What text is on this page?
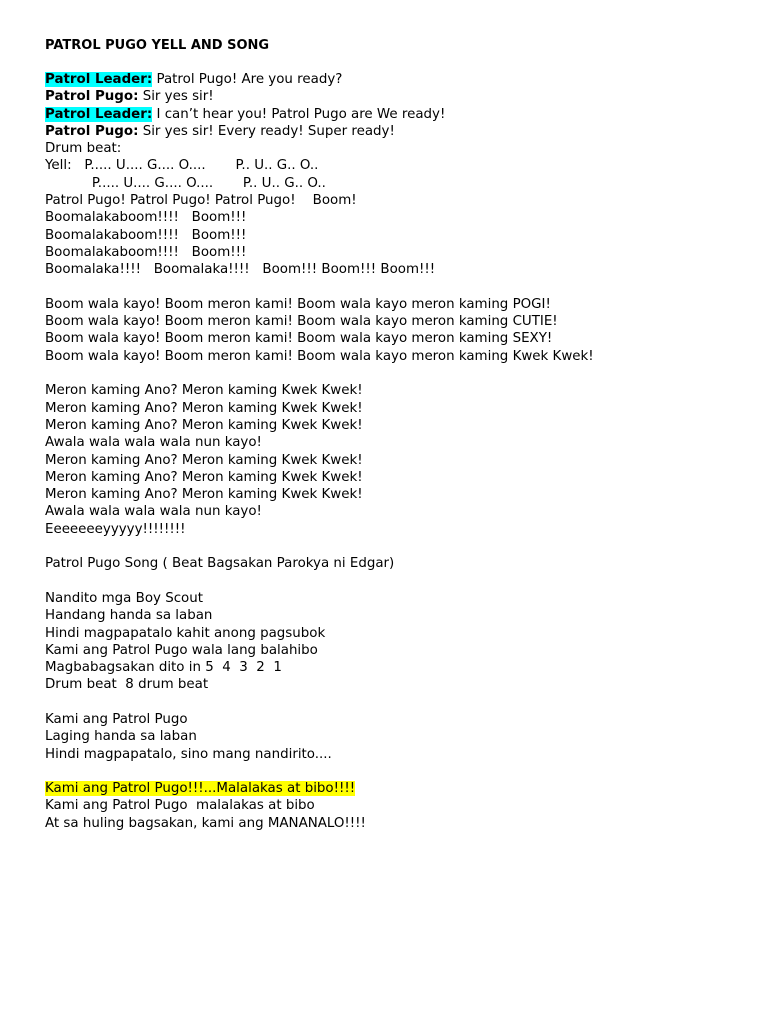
PATROL PUGO YELL AND SONG
Patrol Leader: Patrol Pugo! Are you ready?
Patrol Pugo: Sir yes sir!
Patrol Leader: I can’t hear you! Patrol Pugo are We ready!
Patrol Pugo: Sir yes sir! Every ready! Super ready!
Drum beat:
Yell:   P..... U.... G.... O....       P.. U.. G.. O..
P..... U.... G.... O....       P.. U.. G.. O..
Patrol Pugo! Patrol Pugo! Patrol Pugo!    Boom!
Boomalakaboom!!!!   Boom!!!
Boomalakaboom!!!!   Boom!!!
Boomalakaboom!!!!   Boom!!!
Boomalaka!!!!   Boomalaka!!!!   Boom!!! Boom!!! Boom!!!
Boom wala kayo! Boom meron kami! Boom wala kayo meron kaming POGI!
Boom wala kayo! Boom meron kami! Boom wala kayo meron kaming CUTIE!
Boom wala kayo! Boom meron kami! Boom wala kayo meron kaming SEXY!
Boom wala kayo! Boom meron kami! Boom wala kayo meron kaming Kwek Kwek!
Meron kaming Ano? Meron kaming Kwek Kwek!
Meron kaming Ano? Meron kaming Kwek Kwek!
Meron kaming Ano? Meron kaming Kwek Kwek!
Awala wala wala wala nun kayo!
Meron kaming Ano? Meron kaming Kwek Kwek!
Meron kaming Ano? Meron kaming Kwek Kwek!
Meron kaming Ano? Meron kaming Kwek Kwek!
Awala wala wala wala nun kayo!
Eeeeeeeyyyyy!!!!!!!!
Patrol Pugo Song ( Beat Bagsakan Parokya ni Edgar)
Nandito mga Boy Scout
Handang handa sa laban
Hindi magpapatalo kahit anong pagsubok
Kami ang Patrol Pugo wala lang balahibo
Magbabagsakan dito in 5  4  3  2  1
Drum beat  8 drum beat
Kami ang Patrol Pugo
Laging handa sa laban
Hindi magpapatalo, sino mang nandirito....
Kami ang Patrol Pugo!!!...Malalakas at bibo!!!!
Kami ang Patrol Pugo  malalakas at bibo
At sa huling bagsakan, kami ang MANANALO!!!!
